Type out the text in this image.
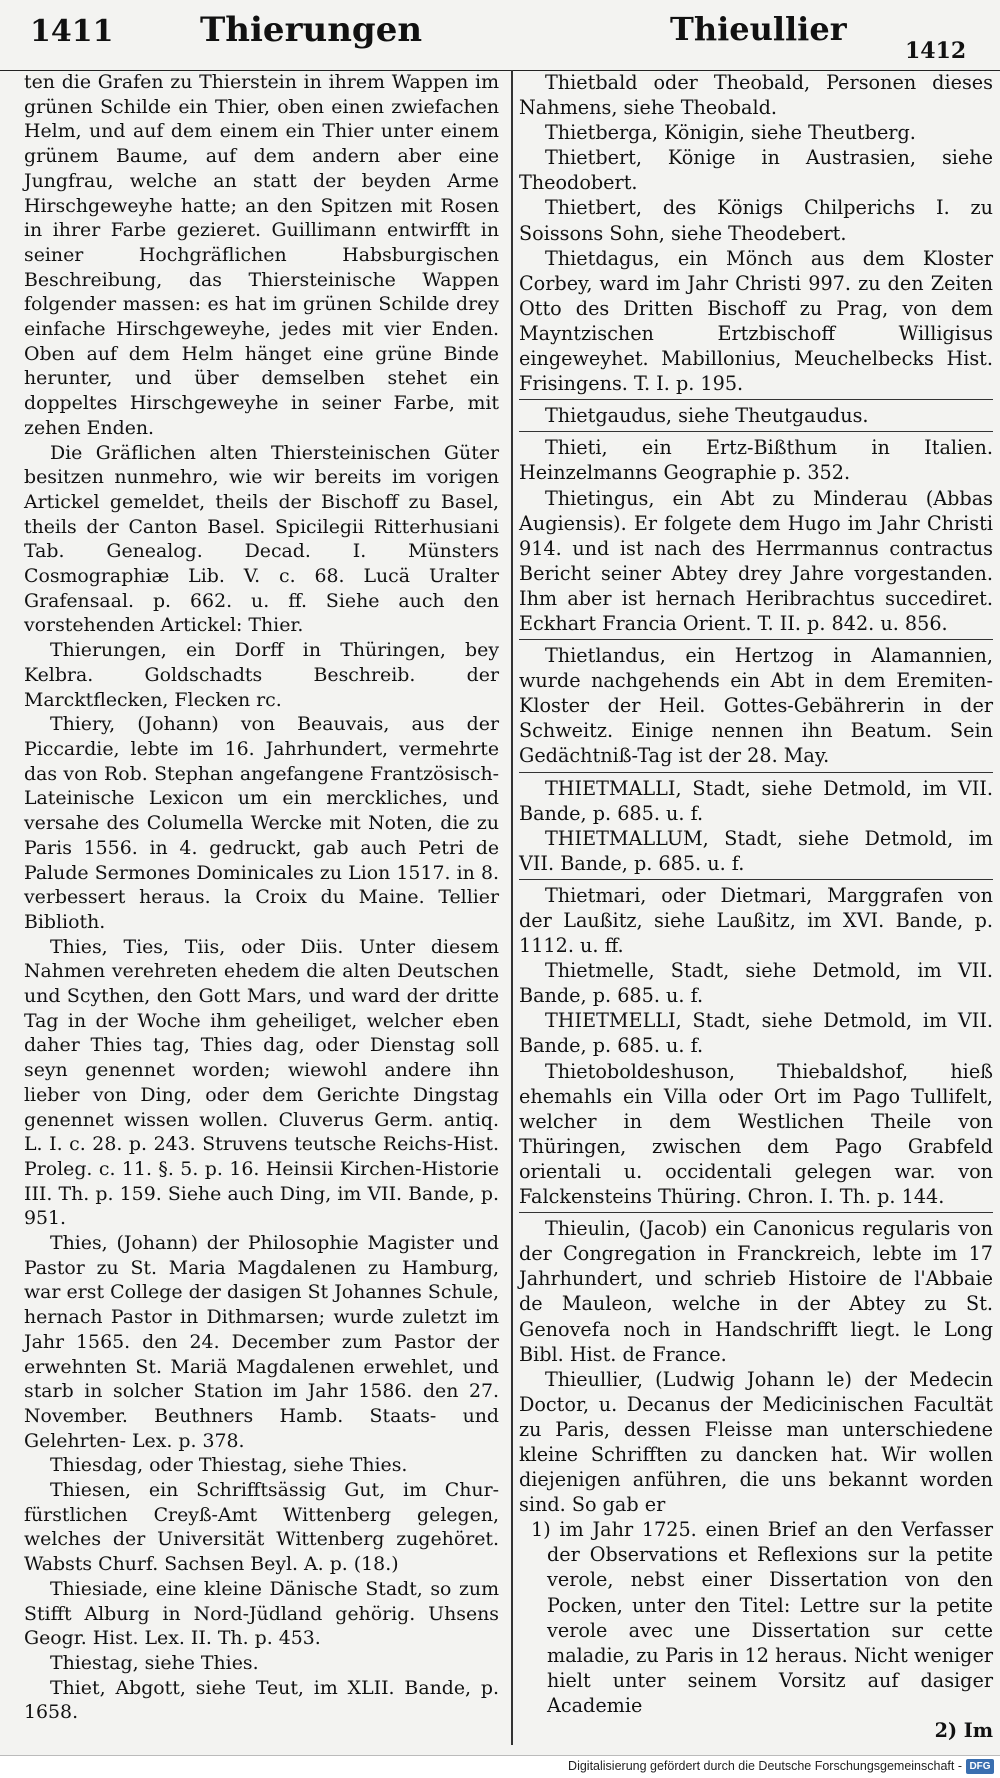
1411	Thierungen	Thieullier
1412

ten die Grafen zu Thierstein in ihrem Wappen im grünen Schilde ein Thier, oben einen zwiefachen Helm, und auf dem einem ein Thier unter einem grünem Baume, auf dem andern aber eine Jungfrau, welche an statt der beyden Arme Hirschgeweyhe hatte; an den Spitzen mit Rosen in ihrer Farbe gezieret. Guillimann entwirfft in seiner Hochgräflichen Habsburgischen Beschreibung, das Thiersteinische Wappen folgender massen: es hat im grünen Schilde drey einfache Hirschgeweyhe, jedes mit vier Enden. Oben auf dem Helm hänget eine grüne Binde herunter, und über demselben stehet ein doppeltes Hirschgeweyhe in seiner Farbe, mit zehen Enden.

Die Gräflichen alten Thiersteinischen Güter besitzen nunmehro, wie wir bereits im vorigen Artickel gemeldet, theils der Bischoff zu Basel, theils der Canton Basel. Spicilegii Ritterhusiani Tab. Genealog. Decad. I. Münsters Cosmographiæ Lib. V. c. 68. Lucä Uralter Grafensaal. p. 662. u. ff. Siehe auch den vorstehenden Artickel: Thier.

Thierungen, ein Dorff in Thüringen, bey Kelbra. Goldschadts Beschreib. der Marcktflecken, Flecken rc.

Thiery, (Johann) von Beauvais, aus der Piccardie, lebte im 16. Jahrhundert, vermehrte das von Rob. Stephan angefangene Frantzösisch-Lateinische Lexicon um ein merckliches, und versahe des Columella Wercke mit Noten, die zu Paris 1556. in 4. gedruckt, gab auch Petri de Palude Sermones Dominicales zu Lion 1517. in 8. verbessert heraus. la Croix du Maine. Tellier Biblioth.

Thies, Ties, Tiis, oder Diis. Unter diesem Nahmen verehreten ehedem die alten Deutschen und Scythen, den Gott Mars, und ward der dritte Tag in der Woche ihm geheiliget, welcher eben daher Thies tag, Thies dag, oder Dienstag soll seyn genennet worden; wiewohl andere ihn lieber von Ding, oder dem Gerichte Dingstag genennet wissen wollen. Cluverus Germ. antiq. L. I. c. 28. p. 243. Struvens teutsche Reichs-Hist. Proleg. c. 11. §. 5. p. 16. Heinsii Kirchen-Historie III. Th. p. 159. Siehe auch Ding, im VII. Bande, p. 951.

Thies, (Johann) der Philosophie Magister und Pastor zu St. Maria Magdalenen zu Hamburg, war erst College der dasigen St Johannes Schule, hernach Pastor in Dithmarsen; wurde zuletzt im Jahr 1565. den 24. December zum Pastor der erwehnten St. Mariä Magdalenen erwehlet, und starb in solcher Station im Jahr 1586. den 27. November. Beuthners Hamb. Staats- und Gelehrten- Lex. p. 378.

Thiesdag, oder Thiestag, siehe Thies.

Thiesen, ein Schrifftsässig Gut, im Chur-fürstlichen Creyß-Amt Wittenberg gelegen, welches der Universität Wittenberg zugehöret. Wabsts Churf. Sachsen Beyl. A. p. (18.)

Thiesiade, eine kleine Dänische Stadt, so zum Stifft Alburg in Nord-Jüdland gehörig. Uhsens Geogr. Hist. Lex. II. Th. p. 453.

Thiestag, siehe Thies.

Thiet, Abgott, siehe Teut, im XLII. Bande, p. 1658.

Thietbald oder Theobald, Personen dieses Nahmens, siehe Theobald.

Thietberga, Königin, siehe Theutberg.

Thietbert, Könige in Austrasien, siehe Theodobert.

Thietbert, des Königs Chilperichs I. zu Soissons Sohn, siehe Theodebert.

Thietdagus, ein Mönch aus dem Kloster Corbey, ward im Jahr Christi 997. zu den Zeiten Otto des Dritten Bischoff zu Prag, von dem Mayntzischen Ertzbischoff Willigisus eingeweyhet. Mabillonius, Meuchelbecks Hist. Frisingens. T. I. p. 195.

Thietgaudus, siehe Theutgaudus.

Thieti, ein Ertz-Bißthum in Italien. Heinzelmanns Geographie p. 352.

Thietingus, ein Abt zu Minderau (Abbas Augiensis). Er folgete dem Hugo im Jahr Christi 914. und ist nach des Herrmannus contractus Bericht seiner Abtey drey Jahre vorgestanden. Ihm aber ist hernach Heribrachtus succediret. Eckhart Francia Orient. T. II. p. 842. u. 856.

Thietlandus, ein Hertzog in Alamannien, wurde nachgehends ein Abt in dem Eremiten-Kloster der Heil. Gottes-Gebährerin in der Schweitz. Einige nennen ihn Beatum. Sein Gedächtniß-Tag ist der 28. May.

THIETMALLI, Stadt, siehe Detmold, im VII. Bande, p. 685. u. f.

THIETMALLUM, Stadt, siehe Detmold, im VII. Bande, p. 685. u. f.

Thietmari, oder Dietmari, Marggrafen von der Laußitz, siehe Laußitz, im XVI. Bande, p. 1112. u. ff.

Thietmelle, Stadt, siehe Detmold, im VII. Bande, p. 685. u. f.

THIETMELLI, Stadt, siehe Detmold, im VII. Bande, p. 685. u. f.

Thietoboldeshuson, Thiebaldshof, hieß ehemahls ein Villa oder Ort im Pago Tullifelt, welcher in dem Westlichen Theile von Thüringen, zwischen dem Pago Grabfeld orientali u. occidentali gelegen war. von Falckensteins Thüring. Chron. I. Th. p. 144.

Thieulin, (Jacob) ein Canonicus regularis von der Congregation in Franckreich, lebte im 17 Jahrhundert, und schrieb Histoire de l'Abbaie de Mauleon, welche in der Abtey zu St. Genovefa noch in Handschrifft liegt. le Long Bibl. Hist. de France.

Thieullier, (Ludwig Johann le) der Medecin Doctor, u. Decanus der Medicinischen Facultät zu Paris, dessen Fleisse man unterschiedene kleine Schrifften zu dancken hat. Wir wollen diejenigen anführen, die uns bekannt worden sind. So gab er

1) im Jahr 1725. einen Brief an den Verfasser der Observations et Reflexions sur la petite verole, nebst einer Dissertation von den Pocken, unter den Titel: Lettre sur la petite verole avec une Dissertation sur cette maladie, zu Paris in 12 heraus. Nicht weniger hielt unter seinem Vorsitz auf dasiger Academie

2) Im

Digitalisierung gefördert durch die Deutsche Forschungsgemeinschaft - DFG
